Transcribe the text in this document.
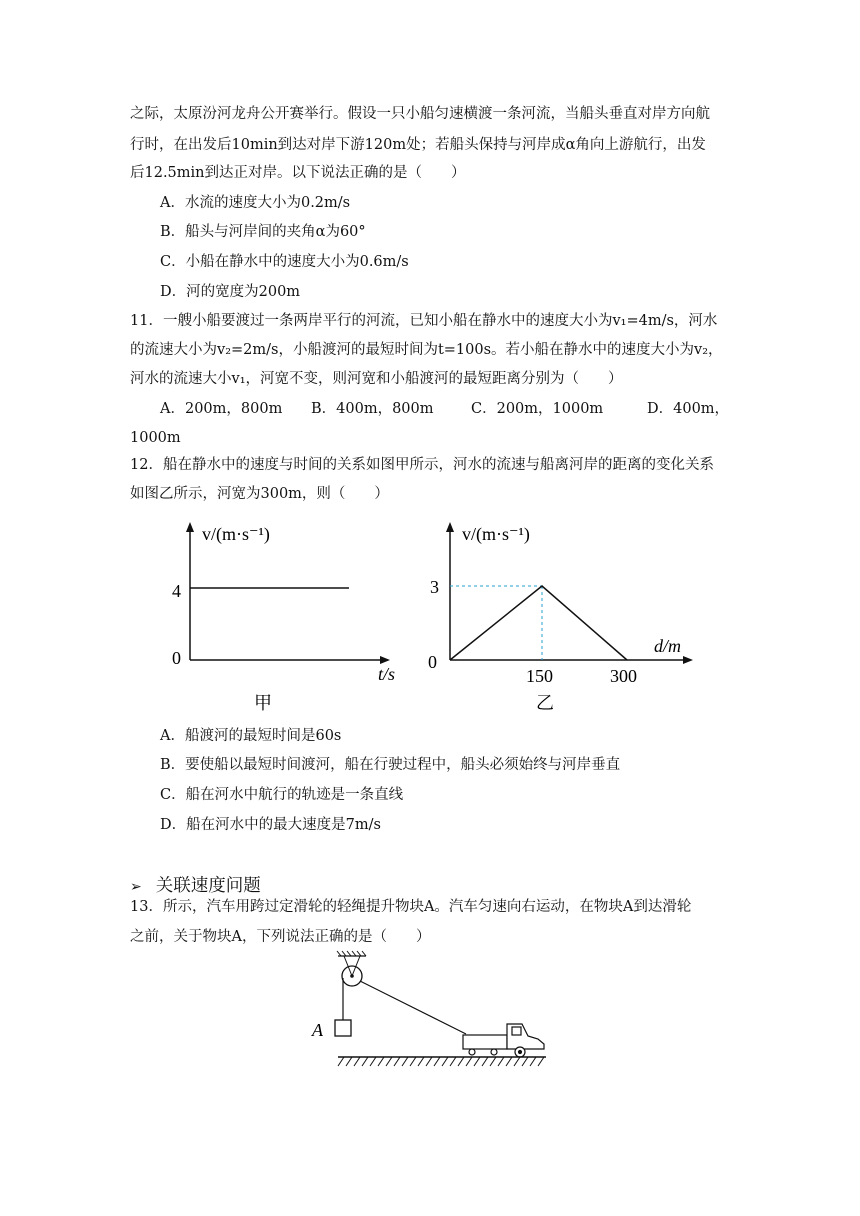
之际，太原汾河龙舟公开赛举行。假设一只小船匀速横渡一条河流，当船头垂直对岸方向航
行时，在出发后10min到达对岸下游120m处；若船头保持与河岸成α角向上游航行，出发
后12.5min到达正对岸。以下说法正确的是（　　）
A．水流的速度大小为0.2m/s
B．船头与河岸间的夹角α为60°
C．小船在静水中的速度大小为0.6m/s
D．河的宽度为200m
11．一艘小船要渡过一条两岸平行的河流，已知小船在静水中的速度大小为v₁=4m/s，河水
的流速大小为v₂=2m/s，小船渡河的最短时间为t=100s。若小船在静水中的速度大小为v₂，
河水的流速大小v₁，河宽不变，则河宽和小船渡河的最短距离分别为（　　）
A．200m，800m B．400m，800m	C．200m，1000m	D．400m，
1000m
12．船在静水中的速度与时间的关系如图甲所示，河水的流速与船离河岸的距离的变化关系
如图乙所示，河宽为300m，则（　　）
v/(m·s⁻¹)
4
0
t/s
甲
v/(m·s⁻¹)
3
0
150	300
d/m
乙
A．船渡河的最短时间是60s
B．要使船以最短时间渡河，船在行驶过程中，船头必须始终与河岸垂直
C．船在河水中航行的轨迹是一条直线
D．船在河水中的最大速度是7m/s
➢ 关联速度问题
13．所示，汽车用跨过定滑轮的轻绳提升物块A。汽车匀速向右运动，在物块A到达滑轮
之前，关于物块A，下列说法正确的是（　　）
A
